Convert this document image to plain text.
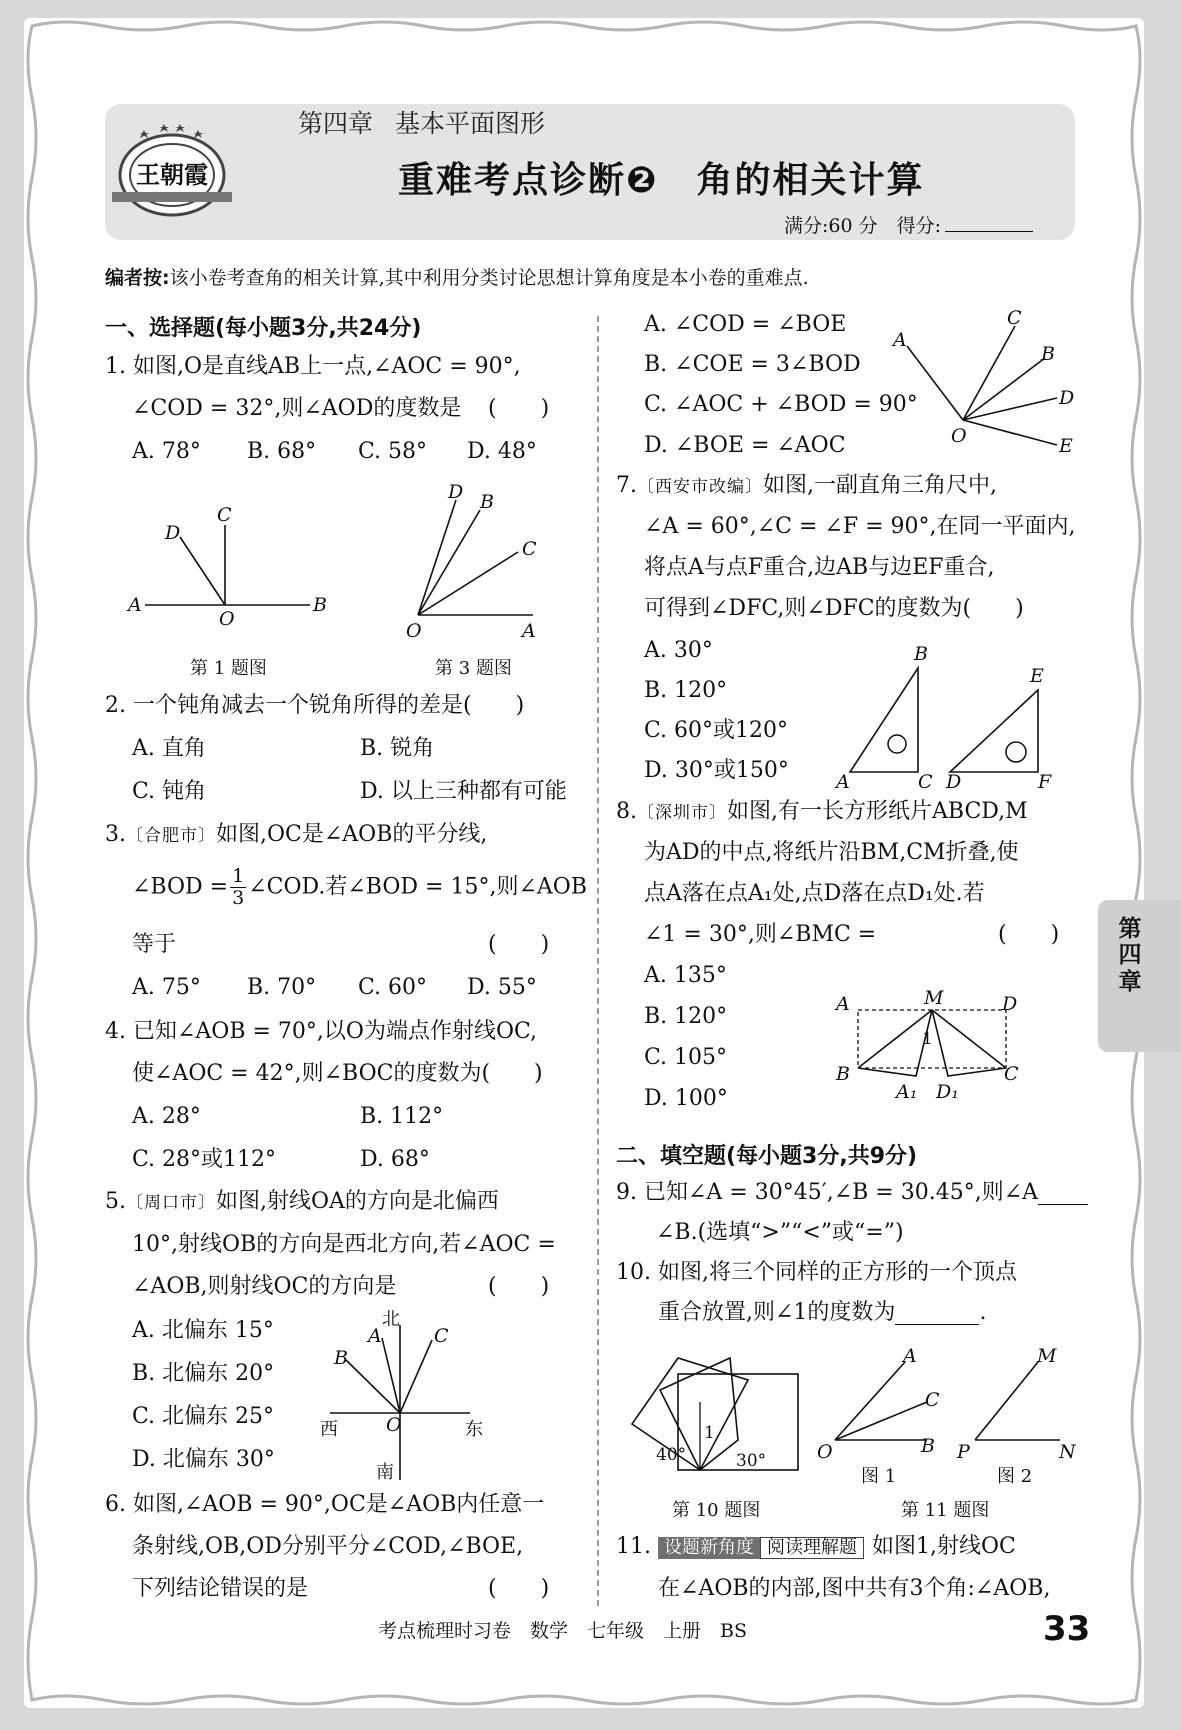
第四章 基本平面图形
重难考点诊断❷　角的相关计算
满分:60 分　 得分:
王朝霞
编者按:该小卷考查角的相关计算,其中利用分类讨论思想计算角度是本小卷的重难点.
一、选择题(每小题3分,共24分)
1. 如图,O是直线AB上一点,∠AOC = 90°,
∠COD = 32°,则∠AOD的度数是 (　　)
A. 78° B. 68° C. 58° D. 48°
A	B
C
D
O
第 1 题图
O	A
C
B
D
第 3 题图
2. 一个钝角减去一个锐角所得的差是(　　)
A. 直角	B. 锐角
C. 钝角	D. 以上三种都有可能
3.〔合肥市〕如图,OC是∠AOB的平分线,
∠BOD = $\frac{1}{3}$ ∠COD.若∠BOD = 15°,则∠AOB
等于	(　　)
A. 75° B. 70° C. 60° D. 55°
4. 已知∠AOB = 70°,以O为端点作射线OC,
使∠AOC = 42°,则∠BOC的度数为(　　)
A. 28°	B. 112°
C. 28°或112°	D. 68°
5.〔周口市〕如图,射线OA的方向是北偏西
10°,射线OB的方向是西北方向,若∠AOC =
∠AOB,则射线OC的方向是	(　　)
A. 北偏东 15°
B. 北偏东 20°
C. 北偏东 25°
D. 北偏东 30°
北
西	东
南
O
A
B
C
6. 如图,∠AOB = 90°,OC是∠AOB内任意一
条射线,OB,OD分别平分∠COD,∠BOE,
下列结论错误的是	(　　)
A. ∠COD = ∠BOE
B. ∠COE = 3∠BOD
C. ∠AOC + ∠BOD = 90°
D. ∠BOE = ∠AOC
A
C
B
D
E
O
7.〔西安市改编〕如图,一副直角三角尺中,
∠A = 60°,∠C = ∠F = 90°,在同一平面内,
将点A与点F重合,边AB与边EF重合,
可得到∠DFC,则∠DFC的度数为(　　)
A. 30°
B. 120°
C. 60°或120°
D. 30°或150°
B
A	C
E
D	F
8.〔深圳市〕如图,有一长方形纸片ABCD,M
为AD的中点,将纸片沿BM,CM折叠,使
点A落在点A₁处,点D落在点D₁处.若
∠1 = 30°,则∠BMC =	(　　)
A. 135°
B. 120°
C. 105°
D. 100°
A	M	D
B	C
1
A₁ D₁
二、填空题(每小题3分,共9分)
9. 已知∠A = 30°45′,∠B = 30.45°,则∠A
∠B.(选填“>”“<”或“=”)
10. 如图,将三个同样的正方形的一个顶点
重合放置,则∠1的度数为	.
40°	30°
1
第 10 题图
A
C
B
O
M
P	N
图 1	图 2
第 11 题图
11. 设题新角度 阅读理解题 如图1,射线OC
在∠AOB的内部,图中共有3个角:∠AOB,
第四章
考点梳理时习卷　数学　七年级　上册　BS	33
